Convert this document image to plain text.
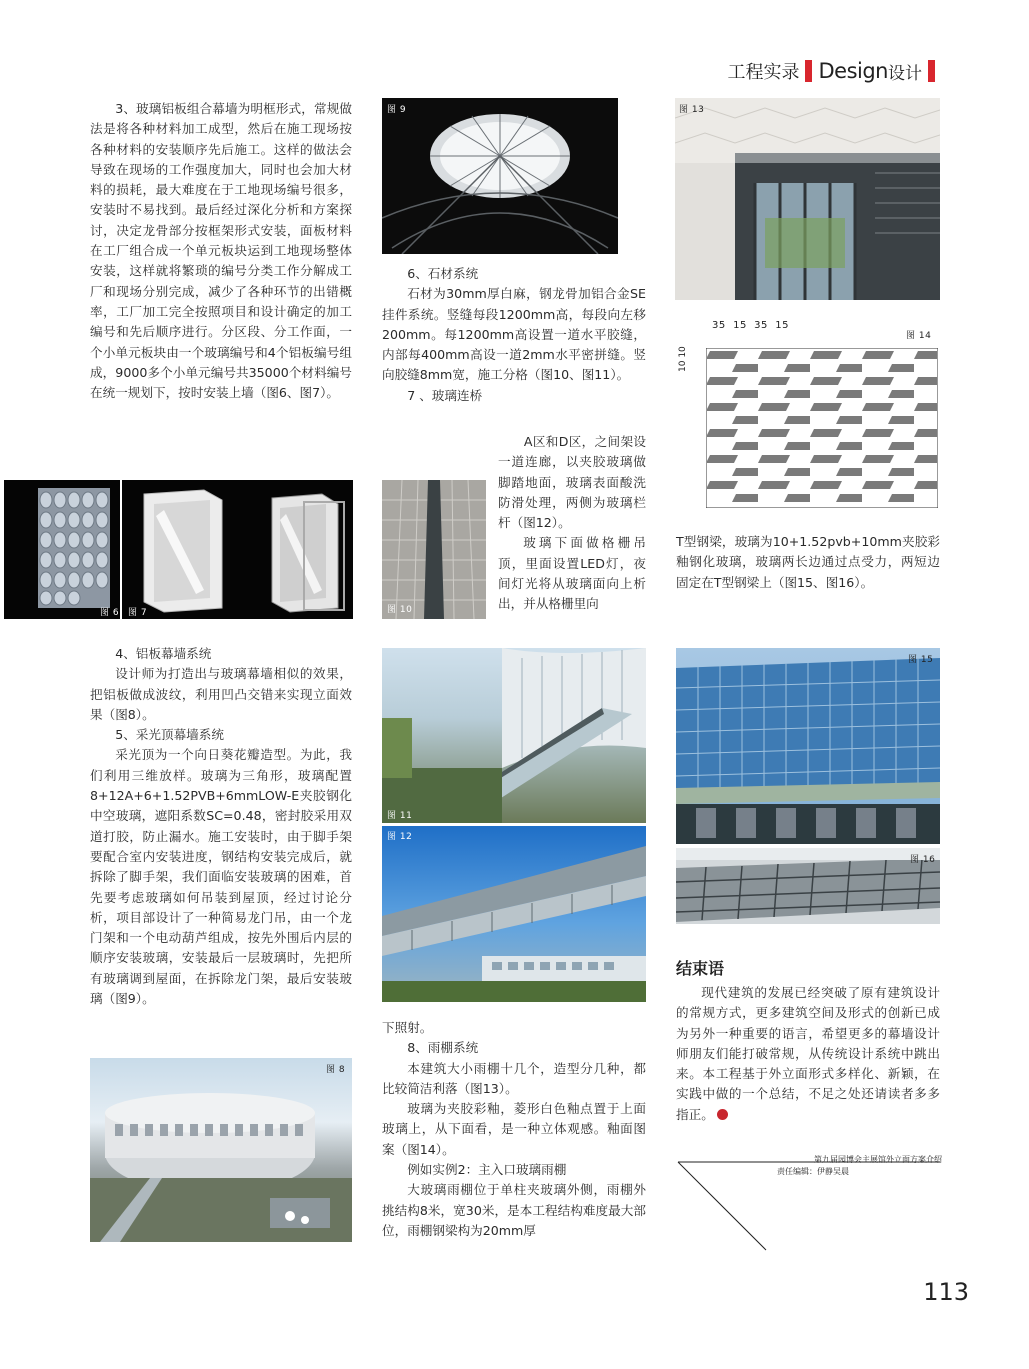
工程实录 Design 设计

3、玻璃铝板组合幕墙为明框形式，常规做法是将各种材料加工成型，然后在施工现场按各种材料的安装顺序先后施工。这样的做法会导致在现场的工作强度加大，同时也会加大材料的损耗，最大难度在于工地现场编号很多，安装时不易找到。最后经过深化分析和方案探讨，决定龙骨部分按框架形式安装，面板材料在工厂组合成一个单元板块运到工地现场整体安装，这样就将繁琐的编号分类工作分解成工厂和现场分别完成，减少了各种环节的出错概率，工厂加工完全按照项目和设计确定的加工编号和先后顺序进行。分区段、分工作面，一个小单元板块由一个玻璃编号和4个铝板编号组成，9000多个小单元编号共35000个材料编号在统一规划下，按时安装上墙（图6、图7）。

图 6 图 7

4、铝板幕墙系统

设计师为打造出与玻璃幕墙相似的效果，把铝板做成波纹，利用凹凸交错来实现立面效果（图8）。

5、采光顶幕墙系统

采光顶为一个向日葵花瓣造型。为此，我们利用三维放样。玻璃为三角形，玻璃配置8+12A+6+1.52PVB+6mmLOW-E夹胶钢化中空玻璃，遮阳系数SC=0.48，密封胶采用双道打胶，防止漏水。施工安装时，由于脚手架要配合室内安装进度，钢结构安装完成后，就拆除了脚手架，我们面临安装玻璃的困难，首先要考虑玻璃如何吊装到屋顶，经过讨论分析，项目部设计了一种简易龙门吊，由一个龙门架和一个电动葫芦组成，按先外围后内层的顺序安装玻璃，安装最后一层玻璃时，先把所有玻璃调到屋面，在拆除龙门架，最后安装玻璃（图9）。

图 8
图 9

6、石材系统

石材为30mm厚白麻，钢龙骨加铝合金SE挂件系统。竖缝每段1200mm高，每段向左移200mm。每1200mm高设置一道水平胶缝，内部每400mm高设一道2mm水平密拼缝。竖向胶缝8mm宽，施工分格（图10、图11）。

7 、玻璃连桥

图 10

　　A区和D区，之间架设一道连廊，以夹胶玻璃做脚踏地面，玻璃表面酸洗防滑处理，两侧为玻璃栏杆（图12）。
玻璃下面做格栅吊顶，里面设置LED灯，夜间灯光将从玻璃面向上析出，并从格栅里向
图 11
图 12

下照射。

8、雨棚系统

本建筑大小雨棚十几个，造型分几种，都比较简洁利落（图13）。

玻璃为夹胶彩釉，菱形白色釉点置于上面玻璃上，从下面看，是一种立体观感。釉面图案（图14）。

例如实例2：主入口玻璃雨棚

大玻璃雨棚位于单柱夹玻璃外侧，雨棚外挑结构8米，宽30米，是本工程结构难度最大部位，雨棚钢梁构为20mm厚

图 13
35  15  35  15
10 10
图 14

T型钢梁，玻璃为10+1.52pvb+10mm夹胶彩釉钢化玻璃，玻璃两长边通过点受力，两短边固定在T型钢梁上（图15、图16）。

图 15
图 16
结束语

现代建筑的发展已经突破了原有建筑设计的常规方式，更多建筑空间及形式的创新已成为另外一种重要的语言，希望更多的幕墙设计师朋友们能打破常规，从传统设计系统中跳出来。本工程基于外立面形式多样化、新颖，在实践中做的一个总结，不足之处还请读者多多指正。

第九届园博会主展馆外立面方案介绍
责任编辑：伊静吴晨
113
